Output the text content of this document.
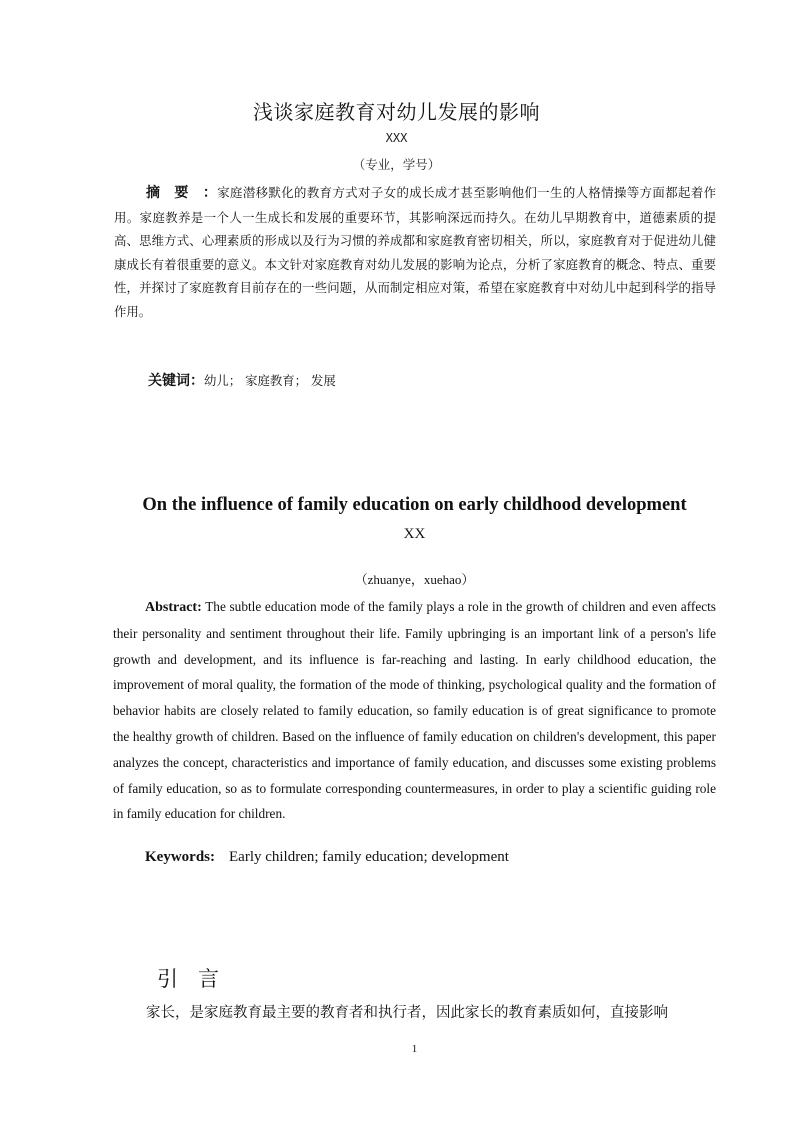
浅谈家庭教育对幼儿发展的影响
XXX
（专业，学号）

摘要：家庭潜移默化的教育方式对子女的成长成才甚至影响他们一生的人格情操等方面都起着作用。家庭教养是一个人一生成长和发展的重要环节，其影响深远而持久。在幼儿早期教育中，道德素质的提高、思维方式、心理素质的形成以及行为习惯的养成都和家庭教育密切相关，所以，家庭教育对于促进幼儿健康成长有着很重要的意义。本文针对家庭教育对幼儿发展的影响为论点，分析了家庭教育的概念、特点、重要性，并探讨了家庭教育目前存在的一些问题，从而制定相应对策，希望在家庭教育中对幼儿中起到科学的指导作用。

关键词：幼儿； 家庭教育； 发展
On the influence of family education on early childhood development
XX
（zhuanye，xuehao）

Abstract: The subtle education mode of the family plays a role in the growth of children and even affects their personality and sentiment throughout their life. Family upbringing is an important link of a person's life growth and development, and its influence is far-reaching and lasting. In early childhood education, the improvement of moral quality, the formation of the mode of thinking, psychological quality and the formation of behavior habits are closely related to family education, so family education is of great significance to promote the healthy growth of children. Based on the influence of family education on children's development, this paper analyzes the concept, characteristics and importance of family education, and discusses some existing problems of family education, so as to formulate corresponding countermeasures, in order to play a scientific guiding role in family education for children.

Keywords: Early children; family education; development
引言
家长，是家庭教育最主要的教育者和执行者，因此家长的教育素质如何，直接影响
1
